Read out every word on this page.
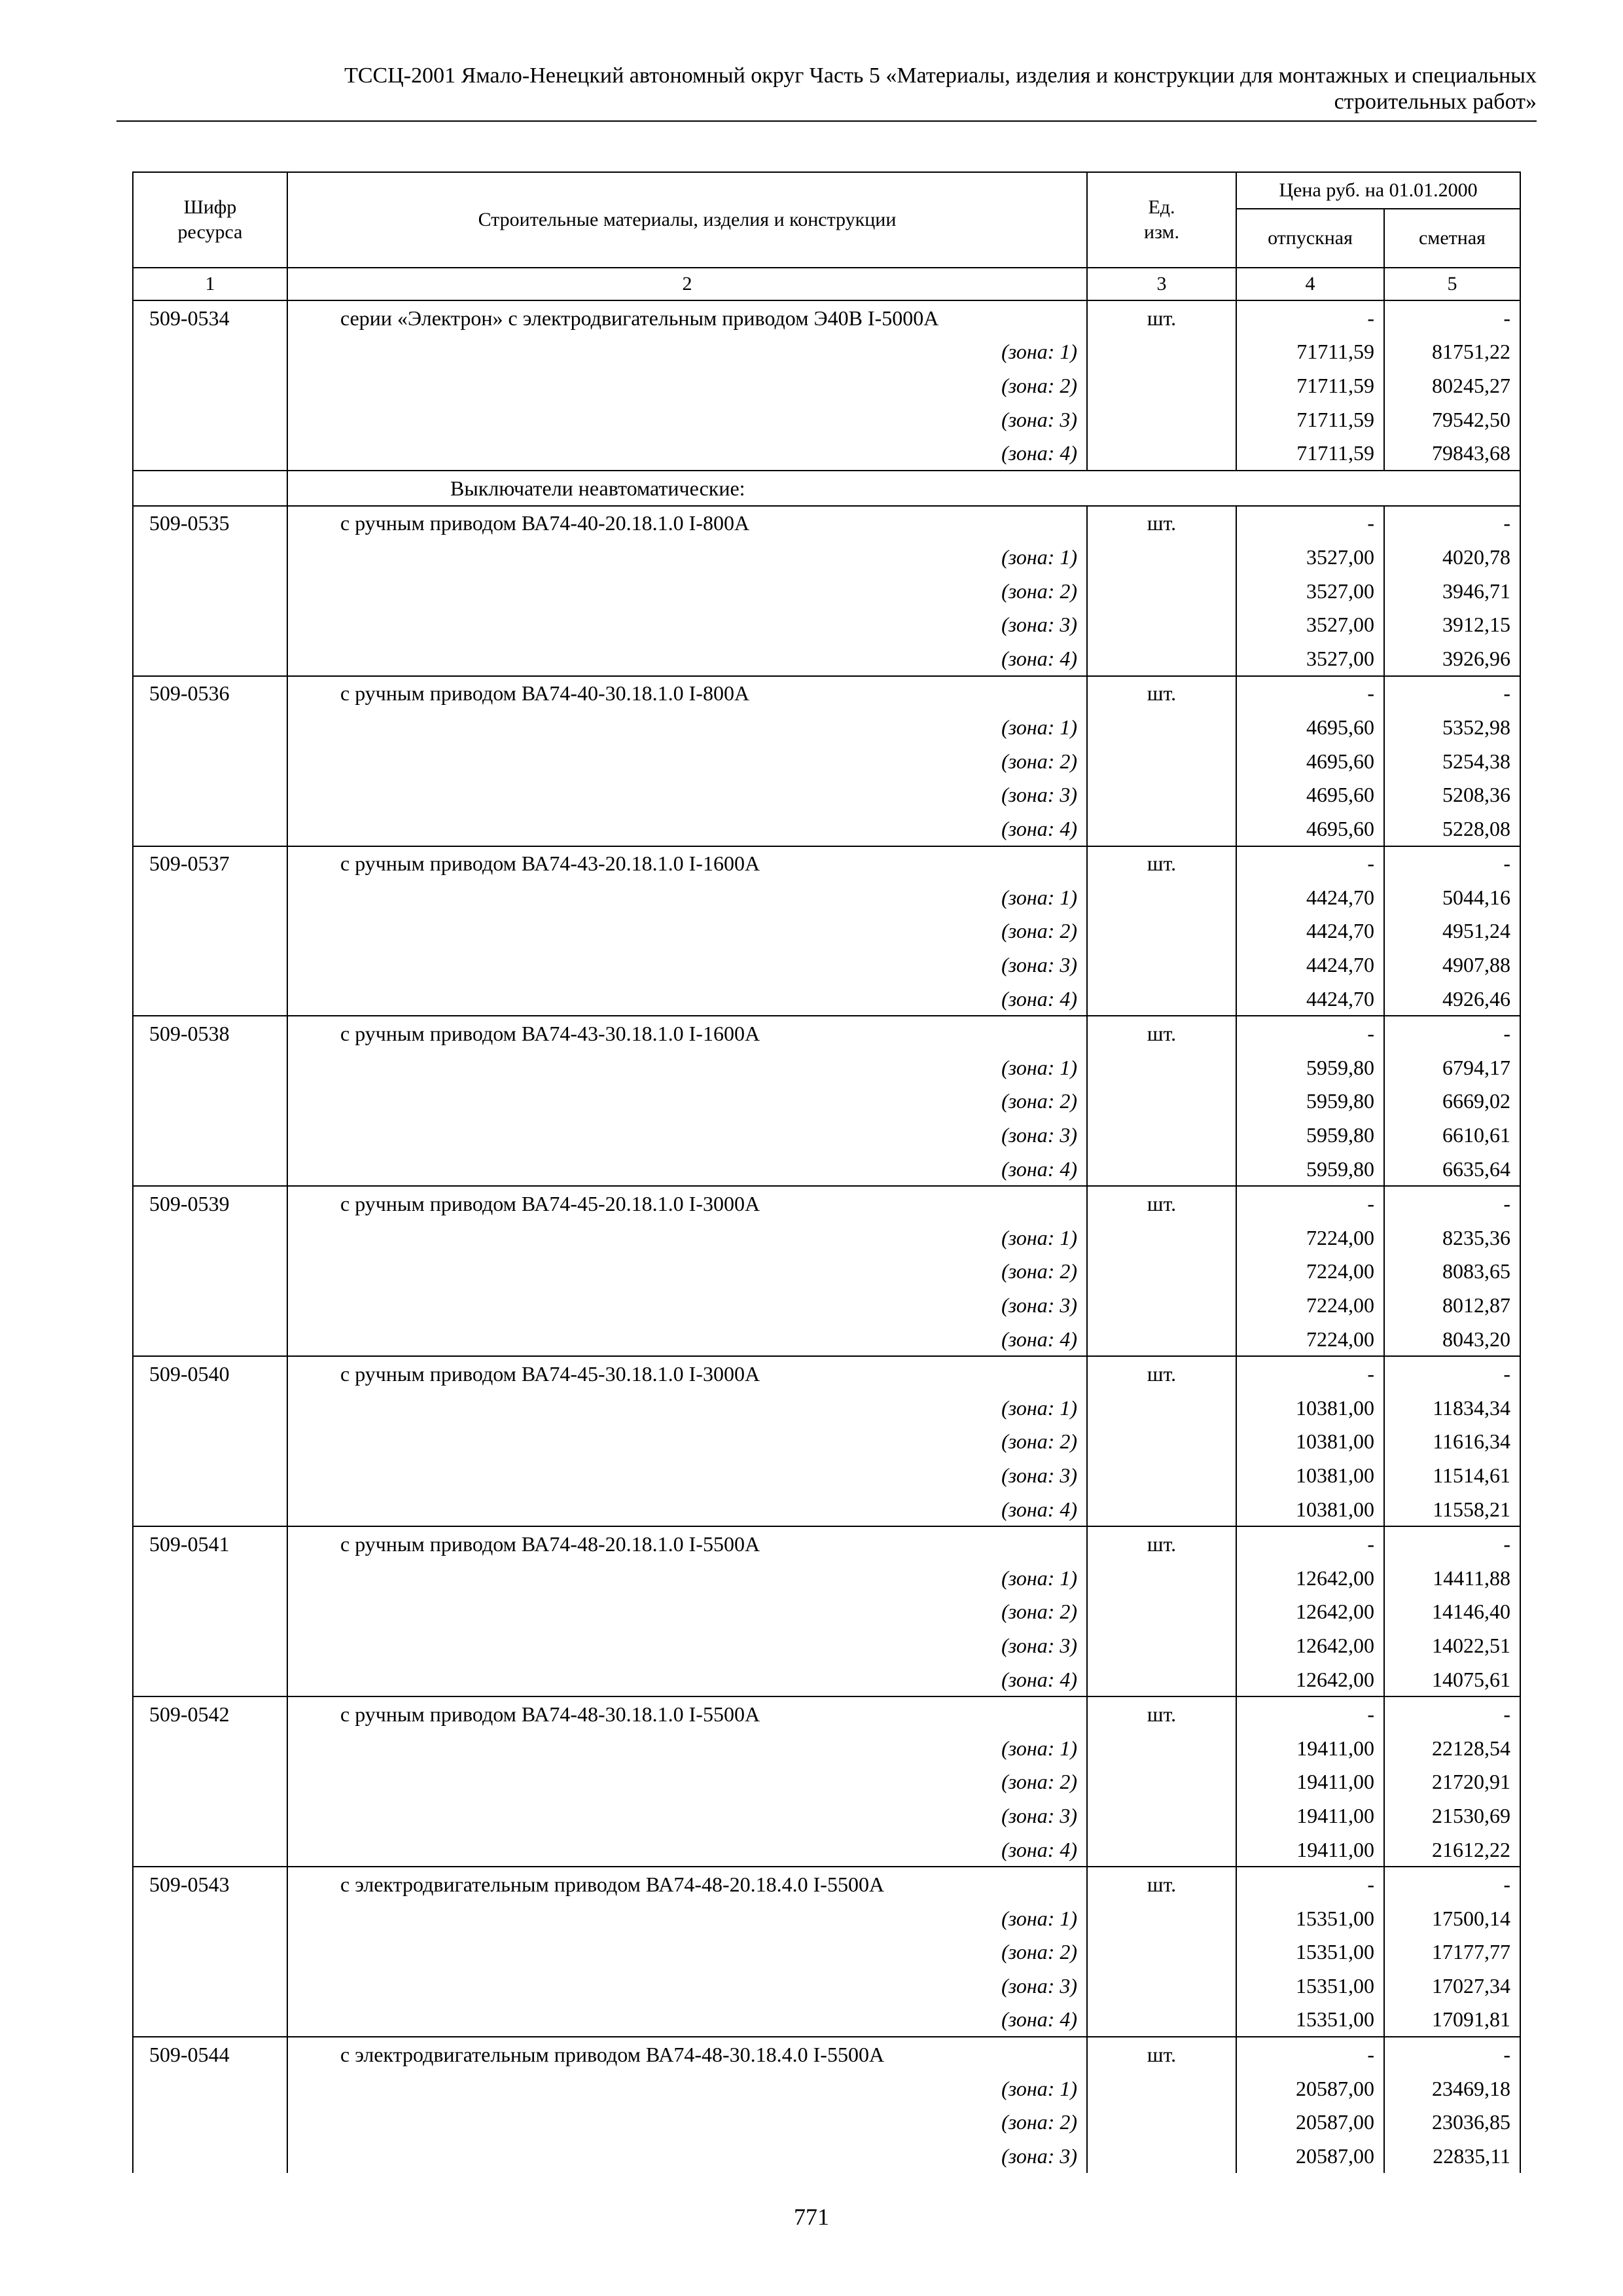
ТССЦ-2001 Ямало-Ненецкий автономный округ Часть 5 «Материалы, изделия и конструкции для монтажных и специальных
строительных работ»
Шифр ресурса	Строительные материалы, изделия и конструкции	Ед. изм.	Цена руб. на 01.01.2000	
			отпускная	сметная
1	2	3	4	5
509-0534	серии «Электрон» с электродвигательным приводом Э40В I-5000А	шт.	-	-
	(зона: 1)		71711,59	81751,22
	(зона: 2)		71711,59	80245,27
	(зона: 3)		71711,59	79542,50
	(зона: 4)		71711,59	79843,68
	Выключатели неавтоматические:			
509-0535	с ручным приводом ВА74-40-20.18.1.0 I-800А	шт.	-	-
	(зона: 1)		3527,00	4020,78
	(зона: 2)		3527,00	3946,71
	(зона: 3)		3527,00	3912,15
	(зона: 4)		3527,00	3926,96
509-0536	с ручным приводом ВА74-40-30.18.1.0 I-800А	шт.	-	-
	(зона: 1)		4695,60	5352,98
	(зона: 2)		4695,60	5254,38
	(зона: 3)		4695,60	5208,36
	(зона: 4)		4695,60	5228,08
509-0537	с ручным приводом ВА74-43-20.18.1.0 I-1600А	шт.	-	-
	(зона: 1)		4424,70	5044,16
	(зона: 2)		4424,70	4951,24
	(зона: 3)		4424,70	4907,88
	(зона: 4)		4424,70	4926,46
509-0538	с ручным приводом ВА74-43-30.18.1.0 I-1600А	шт.	-	-
	(зона: 1)		5959,80	6794,17
	(зона: 2)		5959,80	6669,02
	(зона: 3)		5959,80	6610,61
	(зона: 4)		5959,80	6635,64
509-0539	с ручным приводом ВА74-45-20.18.1.0 I-3000А	шт.	-	-
	(зона: 1)		7224,00	8235,36
	(зона: 2)		7224,00	8083,65
	(зона: 3)		7224,00	8012,87
	(зона: 4)		7224,00	8043,20
509-0540	с ручным приводом ВА74-45-30.18.1.0 I-3000А	шт.	-	-
	(зона: 1)		10381,00	11834,34
	(зона: 2)		10381,00	11616,34
	(зона: 3)		10381,00	11514,61
	(зона: 4)		10381,00	11558,21
509-0541	с ручным приводом ВА74-48-20.18.1.0 I-5500А	шт.	-	-
	(зона: 1)		12642,00	14411,88
	(зона: 2)		12642,00	14146,40
	(зона: 3)		12642,00	14022,51
	(зона: 4)		12642,00	14075,61
509-0542	с ручным приводом ВА74-48-30.18.1.0 I-5500А	шт.	-	-
	(зона: 1)		19411,00	22128,54
	(зона: 2)		19411,00	21720,91
	(зона: 3)		19411,00	21530,69
	(зона: 4)		19411,00	21612,22
509-0543	с электродвигательным приводом ВА74-48-20.18.4.0 I-5500А	шт.	-	-
	(зона: 1)		15351,00	17500,14
	(зона: 2)		15351,00	17177,77
	(зона: 3)		15351,00	17027,34
	(зона: 4)		15351,00	17091,81
509-0544	с электродвигательным приводом ВА74-48-30.18.4.0 I-5500А	шт.	-	-
	(зона: 1)		20587,00	23469,18
	(зона: 2)		20587,00	23036,85
	(зона: 3)		20587,00	22835,11
771
